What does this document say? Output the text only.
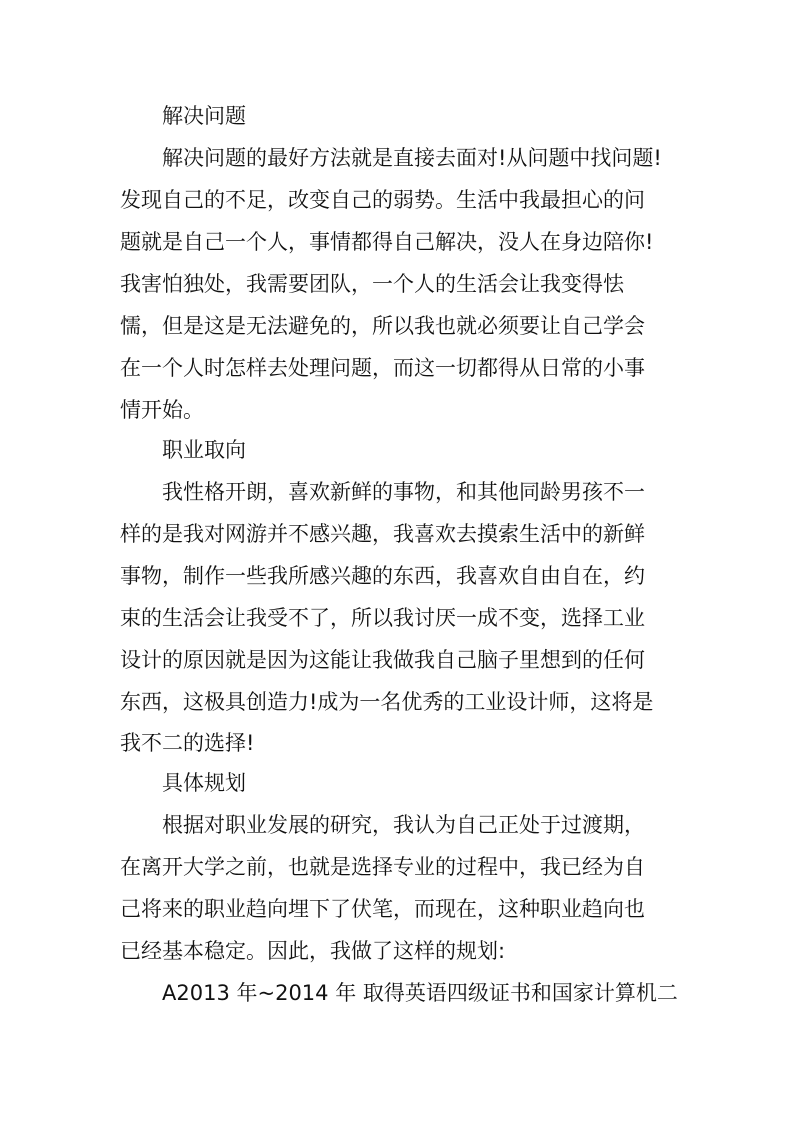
解决问题
解决问题的最好方法就是直接去面对!从问题中找问题!
发现自己的不足，改变自己的弱势。生活中我最担心的问
题就是自己一个人，事情都得自己解决，没人在身边陪你!
我害怕独处，我需要团队，一个人的生活会让我变得怯
懦，但是这是无法避免的，所以我也就必须要让自己学会
在一个人时怎样去处理问题，而这一切都得从日常的小事
情开始。
职业取向
我性格开朗，喜欢新鲜的事物，和其他同龄男孩不一
样的是我对网游并不感兴趣，我喜欢去摸索生活中的新鲜
事物，制作一些我所感兴趣的东西，我喜欢自由自在，约
束的生活会让我受不了，所以我讨厌一成不变，选择工业
设计的原因就是因为这能让我做我自己脑子里想到的任何
东西，这极具创造力!成为一名优秀的工业设计师，这将是
我不二的选择!
具体规划
根据对职业发展的研究，我认为自己正处于过渡期，
在离开大学之前，也就是选择专业的过程中，我已经为自
己将来的职业趋向埋下了伏笔，而现在，这种职业趋向也
已经基本稳定。因此，我做了这样的规划:
A2013 年~2014 年 取得英语四级证书和国家计算机二
